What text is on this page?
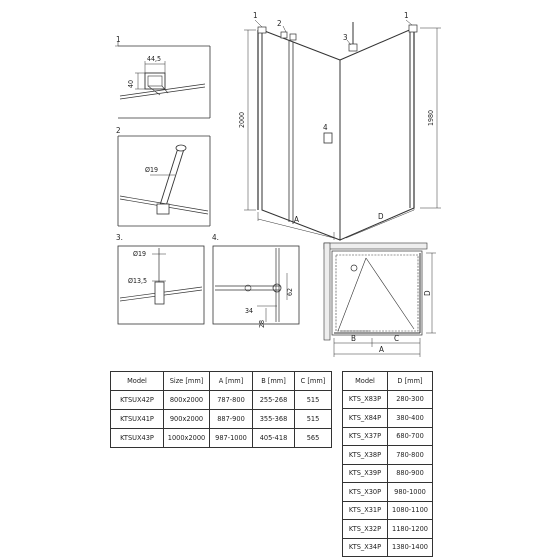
1
44,5
40
2
Ø19
3.
Ø19
Ø13,5
4.
62
34
28
1
2
3
1
4
2000	1980
A	D
D
B	C
A
Model	Size [mm]	A [mm]	B [mm]	C [mm]
KTSUX42P	800x2000	787-800	255-268	515
KTSUX41P	900x2000	887-900	355-368	515
KTSUX43P	1000x2000	987-1000	405-418	565
Model	D [mm]
KTS_X83P	280-300
KTS_X84P	380-400
KTS_X37P	680-700
KTS_X38P	780-800
KTS_X39P	880-900
KTS_X30P	980-1000
KTS_X31P	1080-1100
KTS_X32P	1180-1200
KTS_X34P	1380-1400
